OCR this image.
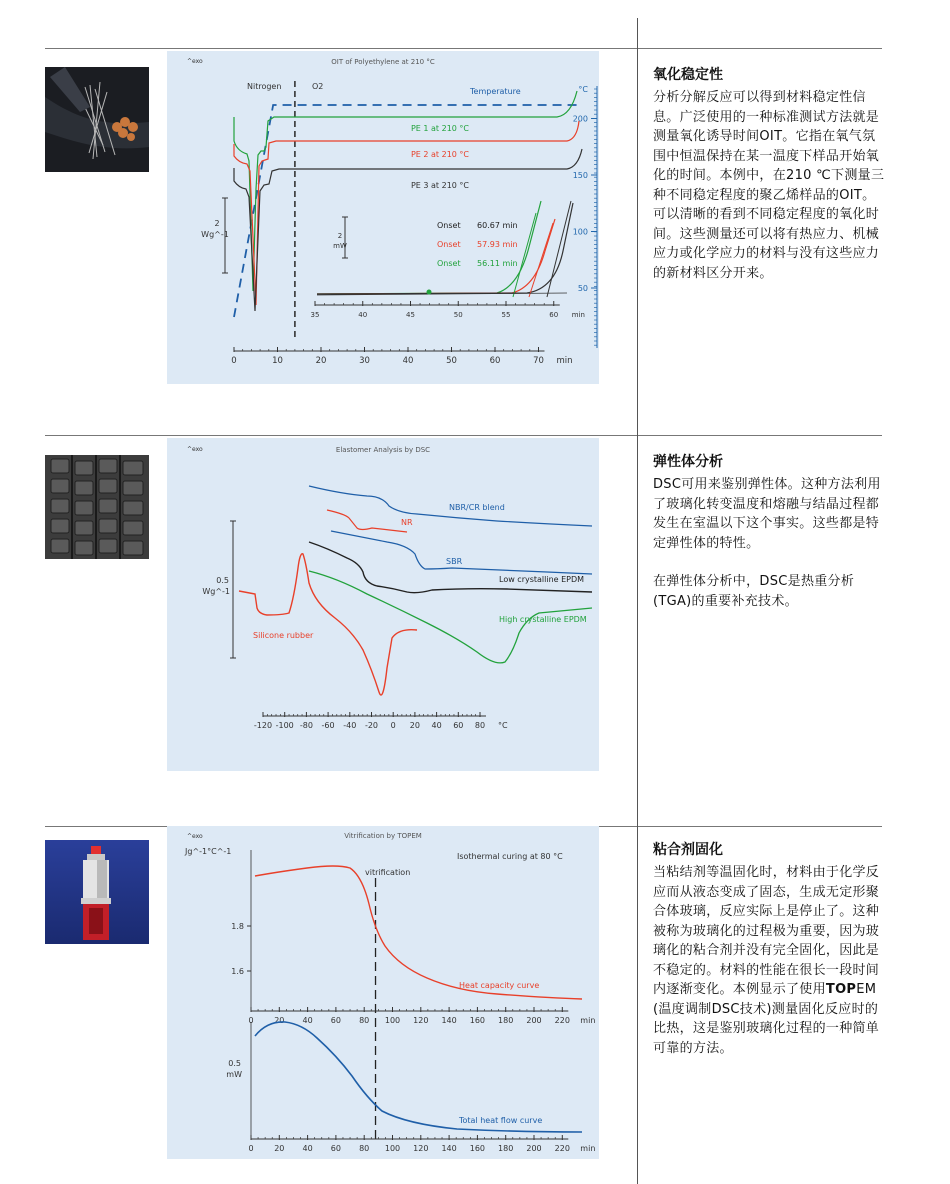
^exo	OIT of Polyethylene at 210 °C
Nitrogen	O2
2
Wg^-1
0	10	20	30	40	50	60	70 min
50
100
150
200
°C
Temperature
PE 1 at 210 °C
PE 2 at 210 °C
PE 3 at 210 °C
35	40	45	50	55	60 min
2
mW
Onset 60.67 min
Onset 57.93 min
Onset 56.11 min
氧化稳定性

分析分解反应可以得到材料稳定性信息。广泛使用的一种标准测试方法就是测量氧化诱导时间OIT。它指在氧气氛围中恒温保持在某一温度下样品开始氧化的时间。本例中，在210 ℃下测量三种不同稳定程度的聚乙烯样品的OIT。可以清晰的看到不同稳定程度的氧化时间。这些测量还可以将有热应力、机械应力或化学应力的材料与没有这些应力的新材料区分开来。

^exo	Elastomer Analysis by DSC
-120 -100 -80 -60 -40 -20 0 20 40 60 80 °C
0.5
Wg^-1
NBR/CR blend
NR
SBR
Low crystalline EPDM
High crystalline EPDM
Silicone rubber
弹性体分析

DSC可用来鉴别弹性体。这种方法利用了玻璃化转变温度和熔融与结晶过程都发生在室温以下这个事实。这些都是特定弹性体的特性。

在弹性体分析中，DSC是热重分析(TGA)的重要补充技术。

^exo	Vitrification by TOPEM
Isothermal curing at 80 °C
vitrification
Jg^-1°C^-1
1.8
1.6
0	20 40 60 80 100 120 140 160 180 200 220 min
Heat capacity curve
0.5
mW
0	20 40 60 80 100 120 140 160 180 200 220 min
Total heat flow curve
粘合剂固化

当粘结剂等温固化时，材料由于化学反应而从液态变成了固态，生成无定形聚合体玻璃，反应实际上是停止了。这种被称为玻璃化的过程极为重要，因为玻璃化的粘合剂并没有完全固化，因此是不稳定的。材料的性能在很长一段时间内逐渐变化。本例显示了使用TOPEM (温度调制DSC技术)测量固化反应时的比热，这是鉴别玻璃化过程的一种简单可靠的方法。
